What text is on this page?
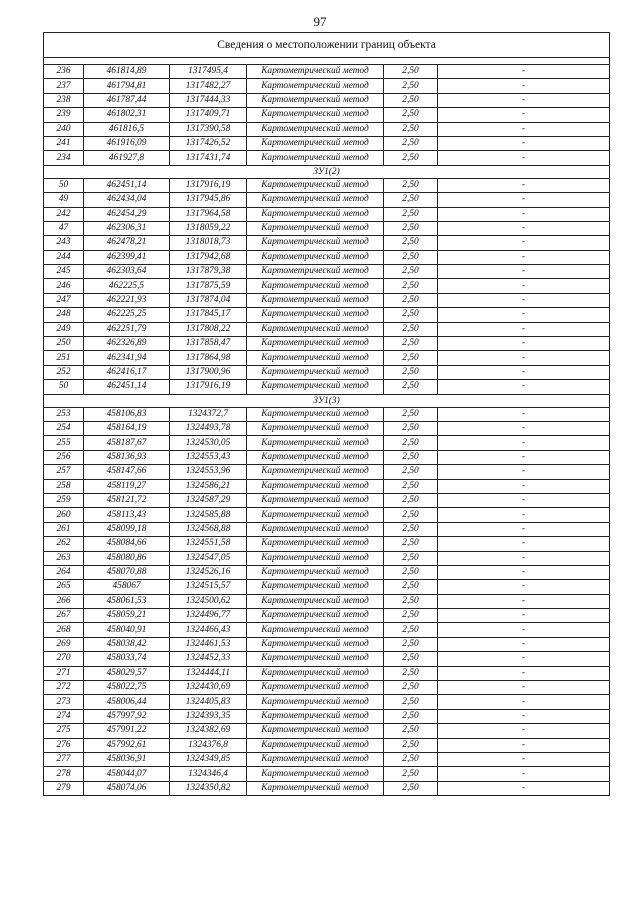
97
Сведения о местоположении границ объекта					

236	461814,89	1317495,4	Картометрический метод	2,50	-
237	461794,81	1317482,27	Картометрический метод	2,50	-
238	461787,44	1317444,33	Картометрический метод	2,50	-
239	461802,31	1317409,71	Картометрический метод	2,50	-
240	461816,5	1317390,58	Картометрический метод	2,50	-
241	461916,09	1317426,52	Картометрический метод	2,50	-
234	461927,8	1317431,74	Картометрический метод	2,50	-
ЗУ1(2)					
50	462451,14	1317916,19	Картометрический метод	2,50	-
49	462434,04	1317945,86	Картометрический метод	2,50	-
242	462454,29	1317964,58	Картометрический метод	2,50	-
47	462306,31	1318059,22	Картометрический метод	2,50	-
243	462478,21	1318018,73	Картометрический метод	2,50	-
244	462399,41	1317942,68	Картометрический метод	2,50	-
245	462303,64	1317879,38	Картометрический метод	2,50	-
246	462225,5	1317875,59	Картометрический метод	2,50	-
247	462221,93	1317874,04	Картометрический метод	2,50	-
248	462225,25	1317845,17	Картометрический метод	2,50	-
249	462251,79	1317808,22	Картометрический метод	2,50	-
250	462326,89	1317858,47	Картометрический метод	2,50	-
251	462341,94	1317864,98	Картометрический метод	2,50	-
252	462416,17	1317900,96	Картометрический метод	2,50	-
50	462451,14	1317916,19	Картометрический метод	2,50	-
ЗУ1(3)					
253	458106,83	1324372,7	Картометрический метод	2,50	-
254	458164,19	1324493,78	Картометрический метод	2,50	-
255	458187,67	1324530,05	Картометрический метод	2,50	-
256	458136,93	1324553,43	Картометрический метод	2,50	-
257	458147,66	1324553,96	Картометрический метод	2,50	-
258	458119,27	1324586,21	Картометрический метод	2,50	-
259	458121,72	1324587,29	Картометрический метод	2,50	-
260	458113,43	1324585,88	Картометрический метод	2,50	-
261	458099,18	1324568,88	Картометрический метод	2,50	-
262	458084,66	1324551,58	Картометрический метод	2,50	-
263	458080,86	1324547,05	Картометрический метод	2,50	-
264	458070,88	1324526,16	Картометрический метод	2,50	-
265	458067	1324515,57	Картометрический метод	2,50	-
266	458061,53	1324500,62	Картометрический метод	2,50	-
267	458059,21	1324496,77	Картометрический метод	2,50	-
268	458040,91	1324466,43	Картометрический метод	2,50	-
269	458038,42	1324461,53	Картометрический метод	2,50	-
270	458033,74	1324452,33	Картометрический метод	2,50	-
271	458029,57	1324444,11	Картометрический метод	2,50	-
272	458022,75	1324430,69	Картометрический метод	2,50	-
273	458006,44	1324405,83	Картометрический метод	2,50	-
274	457997,92	1324393,35	Картометрический метод	2,50	-
275	457991,22	1324382,69	Картометрический метод	2,50	-
276	457992,61	1324376,8	Картометрический метод	2,50	-
277	458036,91	1324349,85	Картометрический метод	2,50	-
278	458044,07	1324346,4	Картометрический метод	2,50	-
279	458074,06	1324350,82	Картометрический метод	2,50	-
